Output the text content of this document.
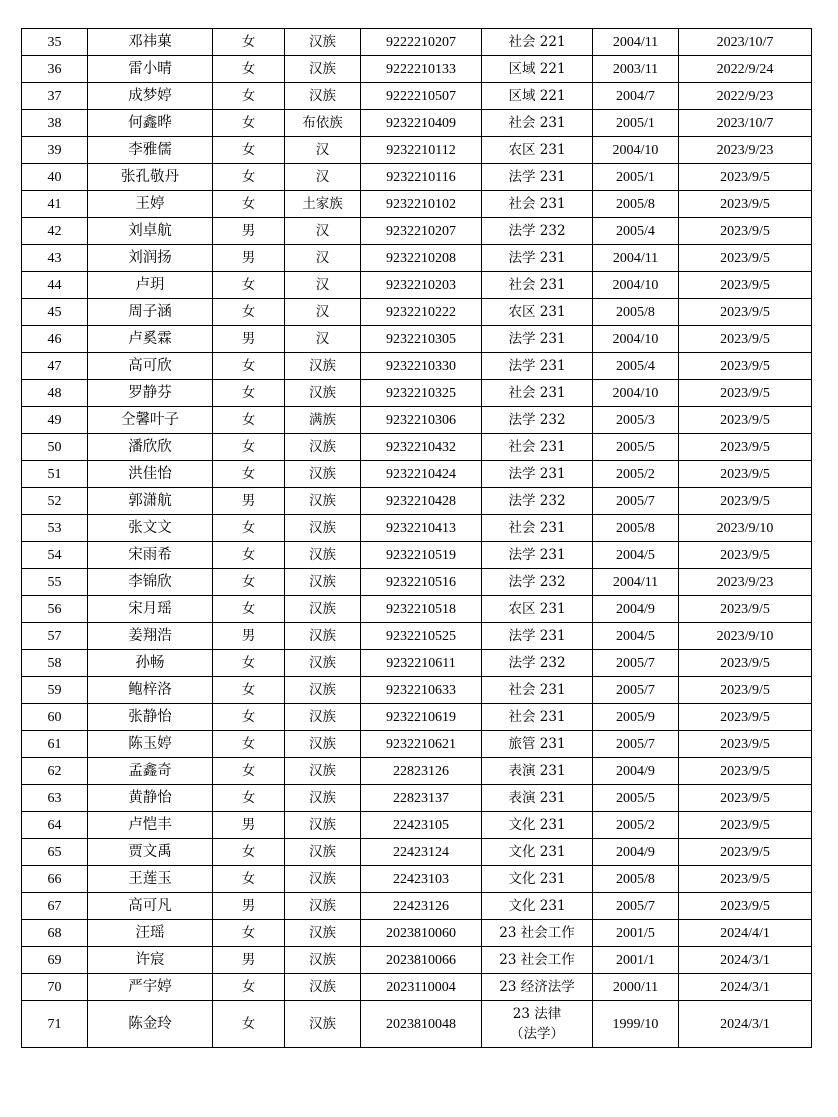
35	邓祎菓	女	汉族	9222210207	社会 221	2004/11	2023/10/7
36	雷小晴	女	汉族	9222210133	区域 221	2003/11	2022/9/24
37	成梦婷	女	汉族	9222210507	区域 221	2004/7	2022/9/23
38	何鑫晔	女	布依族	9232210409	社会 231	2005/1	2023/10/7
39	李雅儒	女	汉	9232210112	农区 231	2004/10	2023/9/23
40	张孔敬丹	女	汉	9232210116	法学 231	2005/1	2023/9/5
41	王婷	女	土家族	9232210102	社会 231	2005/8	2023/9/5
42	刘卓航	男	汉	9232210207	法学 232	2005/4	2023/9/5
43	刘润扬	男	汉	9232210208	法学 231	2004/11	2023/9/5
44	卢玥	女	汉	9232210203	社会 231	2004/10	2023/9/5
45	周子涵	女	汉	9232210222	农区 231	2005/8	2023/9/5
46	卢奚霖	男	汉	9232210305	法学 231	2004/10	2023/9/5
47	高可欣	女	汉族	9232210330	法学 231	2005/4	2023/9/5
48	罗静芬	女	汉族	9232210325	社会 231	2004/10	2023/9/5
49	仝馨叶子	女	满族	9232210306	法学 232	2005/3	2023/9/5
50	潘欣欣	女	汉族	9232210432	社会 231	2005/5	2023/9/5
51	洪佳怡	女	汉族	9232210424	法学 231	2005/2	2023/9/5
52	郭潇航	男	汉族	9232210428	法学 232	2005/7	2023/9/5
53	张文文	女	汉族	9232210413	社会 231	2005/8	2023/9/10
54	宋雨希	女	汉族	9232210519	法学 231	2004/5	2023/9/5
55	李锦欣	女	汉族	9232210516	法学 232	2004/11	2023/9/23
56	宋月瑶	女	汉族	9232210518	农区 231	2004/9	2023/9/5
57	姜翔浩	男	汉族	9232210525	法学 231	2004/5	2023/9/10
58	孙畅	女	汉族	9232210611	法学 232	2005/7	2023/9/5
59	鲍梓洛	女	汉族	9232210633	社会 231	2005/7	2023/9/5
60	张静怡	女	汉族	9232210619	社会 231	2005/9	2023/9/5
61	陈玉婷	女	汉族	9232210621	旅管 231	2005/7	2023/9/5
62	孟鑫奇	女	汉族	22823126	表演 231	2004/9	2023/9/5
63	黄静怡	女	汉族	22823137	表演 231	2005/5	2023/9/5
64	卢恺丰	男	汉族	22423105	文化 231	2005/2	2023/9/5
65	贾文禹	女	汉族	22423124	文化 231	2004/9	2023/9/5
66	王莲玉	女	汉族	22423103	文化 231	2005/8	2023/9/5
67	高可凡	男	汉族	22423126	文化 231	2005/7	2023/9/5
68	汪瑶	女	汉族	2023810060	23 社会工作	2001/5	2024/4/1
69	许宸	男	汉族	2023810066	23 社会工作	2001/1	2024/3/1
70	严宇婷	女	汉族	2023110004	23 经济法学	2000/11	2024/3/1
71	陈金玲	女	汉族	2023810048	23 法律
（法学）	1999/10	2024/3/1
